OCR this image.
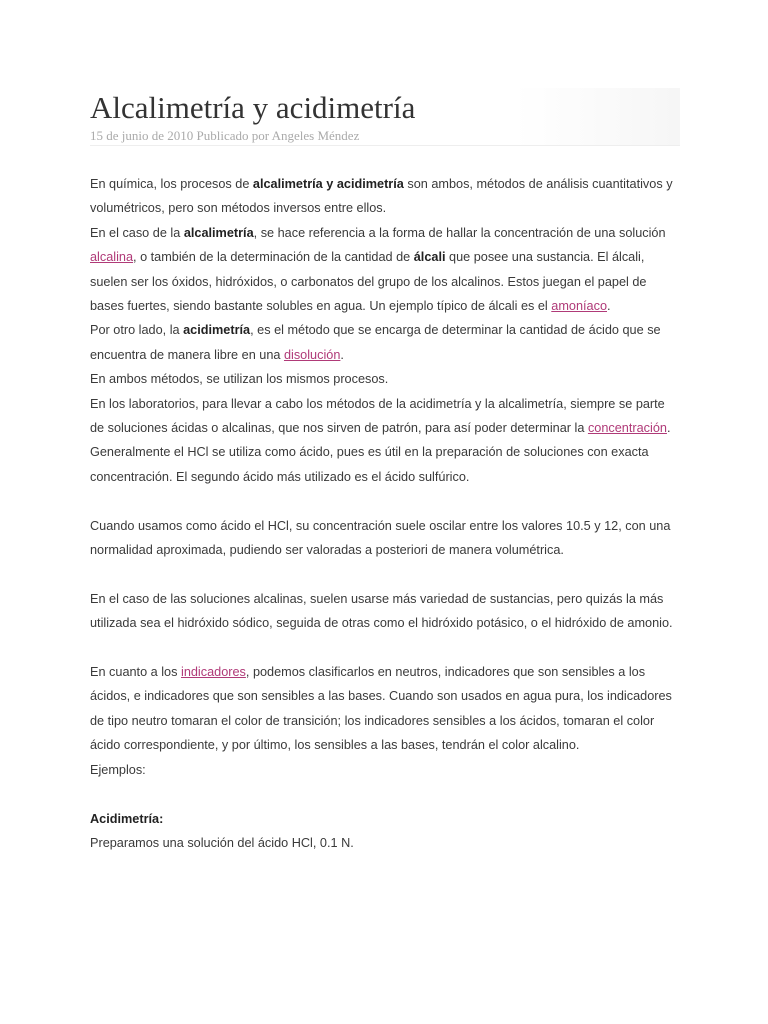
Alcalimetría y acidimetría
15 de junio de 2010 Publicado por Angeles Méndez

En química, los procesos de alcalimetría y acidimetría son ambos, métodos de análisis cuantitativos y volumétricos, pero son métodos inversos entre ellos.

En el caso de la alcalimetría, se hace referencia a la forma de hallar la concentración de una solución alcalina, o también de la determinación de la cantidad de álcali que posee una sustancia. El álcali, suelen ser los óxidos, hidróxidos, o carbonatos del grupo de los alcalinos. Estos juegan el papel de bases fuertes, siendo bastante solubles en agua. Un ejemplo típico de álcali es el amoníaco.

Por otro lado, la acidimetría, es el método que se encarga de determinar la cantidad de ácido que se encuentra de manera libre en una disolución.

En ambos métodos, se utilizan los mismos procesos.

En los laboratorios, para llevar a cabo los métodos de la acidimetría y la alcalimetría, siempre se parte de soluciones ácidas o alcalinas, que nos sirven de patrón, para así poder determinar la concentración.

Generalmente el HCl se utiliza como ácido, pues es útil en la preparación de soluciones con exacta concentración. El segundo ácido más utilizado es el ácido sulfúrico.

Cuando usamos como ácido el HCl, su concentración suele oscilar entre los valores 10.5 y 12, con una normalidad aproximada, pudiendo ser valoradas a posteriori de manera volumétrica.

En el caso de las soluciones alcalinas, suelen usarse más variedad de sustancias, pero quizás la más utilizada sea el hidróxido sódico, seguida de otras como el hidróxido potásico, o el hidróxido de amonio.

En cuanto a los indicadores, podemos clasificarlos en neutros, indicadores que son sensibles a los ácidos, e indicadores que son sensibles a las bases. Cuando son usados en agua pura, los indicadores de tipo neutro tomaran el color de transición; los indicadores sensibles a los ácidos, tomaran el color ácido correspondiente, y por último, los sensibles a las bases, tendrán el color alcalino.

Ejemplos:

Acidimetría:

Preparamos una solución del ácido HCl, 0.1 N.
